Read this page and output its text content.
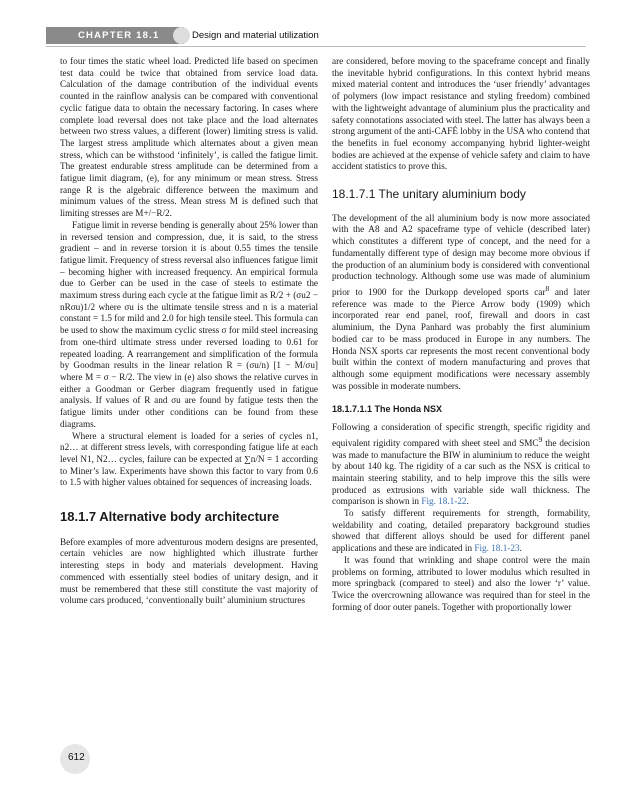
CHAPTER 18.1	Design and material utilization

to four times the static wheel load. Predicted life based on specimen test data could be twice that obtained from service load data. Calculation of the damage contribution of the individual events counted in the rainflow analysis can be compared with conventional cyclic fatigue data to obtain the necessary factoring. In cases where complete load reversal does not take place and the load alternates between two stress values, a different (lower) limiting stress is valid. The largest stress amplitude which alternates about a given mean stress, which can be withstood ‘infinitely’, is called the fatigue limit. The greatest endurable stress amplitude can be determined from a fatigue limit diagram, (e), for any minimum or mean stress. Stress range R is the algebraic difference between the maximum and minimum values of the stress. Mean stress M is defined such that limiting stresses are M+/−R/2.

Fatigue limit in reverse bending is generally about 25% lower than in reversed tension and compression, due, it is said, to the stress gradient – and in reverse torsion it is about 0.55 times the tensile fatigue limit. Frequency of stress reversal also influences fatigue limit – becoming higher with increased frequency. An empirical formula due to Gerber can be used in the case of steels to estimate the maximum stress during each cycle at the fatigue limit as R/2 + (σu2 − nRσu)1/2 where σu is the ultimate tensile stress and n is a material constant = 1.5 for mild and 2.0 for high tensile steel. This formula can be used to show the maximum cyclic stress σ for mild steel increasing from one-third ultimate stress under reversed loading to 0.61 for repeated loading. A rearrangement and simplification of the formula by Goodman results in the linear relation R = (σu/n) [1 − M/σu] where M = σ − R/2. The view in (e) also shows the relative curves in either a Goodman or Gerber diagram frequently used in fatigue analysis. If values of R and σu are found by fatigue tests then the fatigue limits under other conditions can be found from these diagrams.

Where a structural element is loaded for a series of cycles n1, n2… at different stress levels, with corresponding fatigue life at each level N1, N2… cycles, failure can be expected at ∑n/N = 1 according to Miner’s law. Experiments have shown this factor to vary from 0.6 to 1.5 with higher values obtained for sequences of increasing loads.

18.1.7 Alternative body architecture

Before examples of more adventurous modern designs are presented, certain vehicles are now highlighted which illustrate further interesting steps in body and materials development. Having commenced with essentially steel bodies of unitary design, and it must be remembered that these still constitute the vast majority of volume cars produced, ‘conventionally built’ aluminium structures

are considered, before moving to the spaceframe concept and finally the inevitable hybrid configurations. In this context hybrid means mixed material content and introduces the ‘user friendly’ advantages of polymers (low impact resistance and styling freedom) combined with the lightweight advantage of aluminium plus the practicality and safety connotations associated with steel. The latter has always been a strong argument of the anti-CAFÉ lobby in the USA who contend that the benefits in fuel economy accompanying hybrid lighter-weight bodies are achieved at the expense of vehicle safety and claim to have accident statistics to prove this.

18.1.7.1 The unitary aluminium body

The development of the all aluminium body is now more associated with the A8 and A2 spaceframe type of vehicle (described later) which constitutes a different type of concept, and the need for a fundamentally different type of design may become more obvious if the production of an aluminium body is considered with conventional production technology. Although some use was made of aluminium prior to 1900 for the Durkopp developed sports car$^8$ and later reference was made to the Pierce Arrow body (1909) which incorporated rear end panel, roof, firewall and doors in cast aluminium, the Dyna Panhard was probably the first aluminium bodied car to be mass produced in Europe in any numbers. The Honda NSX sports car represents the most recent conventional body built within the context of modern manufacturing and proves that although some equipment modifications were necessary assembly was possible in moderate numbers.

18.1.7.1.1 The Honda NSX

Following a consideration of specific strength, specific rigidity and equivalent rigidity compared with sheet steel and SMC$^9$ the decision was made to manufacture the BIW in aluminium to reduce the weight by about 140 kg. The rigidity of a car such as the NSX is critical to maintain steering stability, and to help improve this the sills were produced as extrusions with variable side wall thickness. The comparison is shown in Fig. 18.1-22.

To satisfy different requirements for strength, formability, weldability and coating, detailed preparatory background studies showed that different alloys should be used for different panel applications and these are indicated in Fig. 18.1-23.

It was found that wrinkling and shape control were the main problems on forming, attributed to lower modulus which resulted in more springback (compared to steel) and also the lower ‘r’ value. Twice the overcrowning allowance was required than for steel in the forming of door outer panels. Together with proportionally lower

612
